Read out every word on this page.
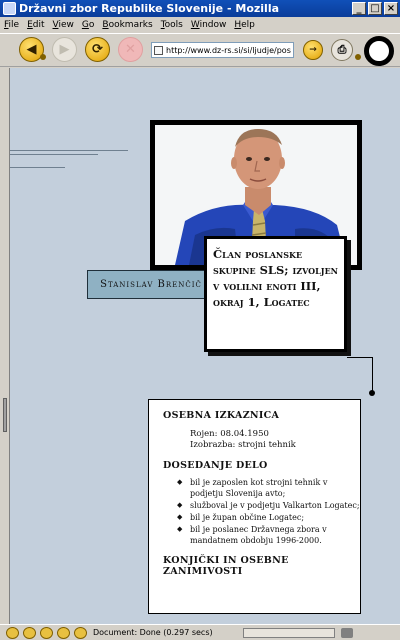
Državni zbor Republike Slovenije - Mozilla	_ □ ×
File Edit View Go Bookmarks Tools Window Help
◀	▶	⟳	✕	http://www.dz-rs.si/si/ljudje/pos	→	⎙
Stanislav Brenčič
Član poslanske skupine SLS; izvoljen v volilni enoti III, okraj 1, Logatec
OSEBNA IZKAZNICA
Rojen: 08.04.1950
Izobrazba: strojni tehnik
DOSEDANJE DELO
◆ bil je zaposlen kot strojni tehnik v podjetju Slovenija avto;
◆ služboval je v podjetju Valkarton Logatec;
◆ bil je župan občine Logatec;
◆ bil je poslanec Državnega zbora v mandatnem obdobju 1996-2000.
KONJIČKI IN OSEBNE ZANIMIVOSTI
Document: Done (0.297 secs)
